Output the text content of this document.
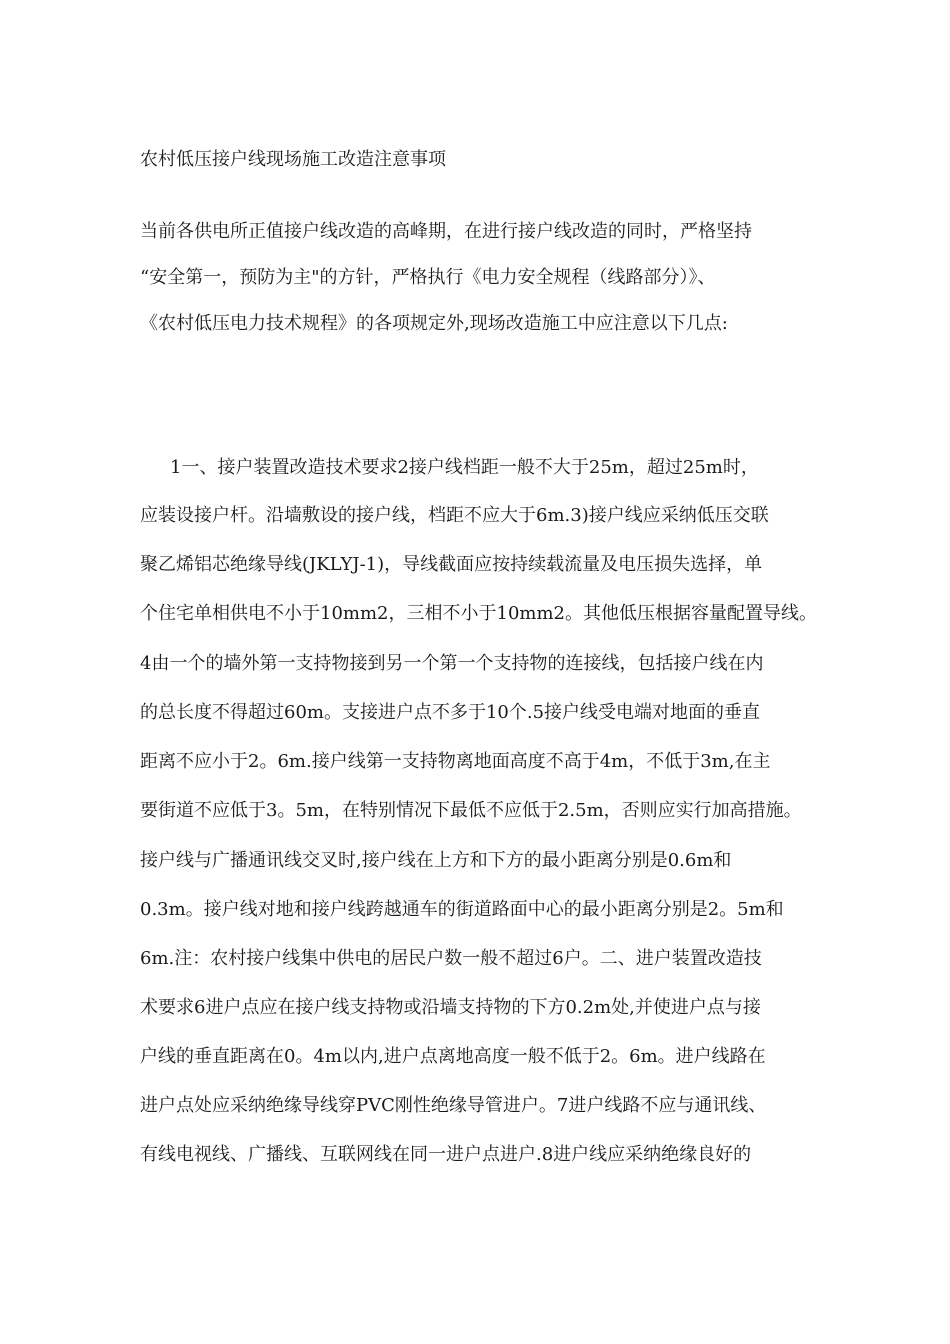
农村低压接户线现场施工改造注意事项
当前各供电所正值接户线改造的高峰期，在进行接户线改造的同时，严格坚持
“安全第一，预防为主"的方针，严格执行《电力安全规程（线路部分）》、
《农村低压电力技术规程》的各项规定外,现场改造施工中应注意以下几点:
1一、接户装置改造技术要求2接户线档距一般不大于25m，超过25m时，
应装设接户杆。沿墙敷设的接户线，档距不应大于6m.3)接户线应采纳低压交联
聚乙烯铝芯绝缘导线(JKLYJ-1)，导线截面应按持续载流量及电压损失选择，单
个住宅单相供电不小于10mm2，三相不小于10mm2。其他低压根据容量配置导线。
4由一个的墙外第一支持物接到另一个第一个支持物的连接线，包括接户线在内
的总长度不得超过60m。支接进户点不多于10个.5接户线受电端对地面的垂直
距离不应小于2。6m.接户线第一支持物离地面高度不高于4m，不低于3m,在主
要街道不应低于3。5m，在特别情况下最低不应低于2.5m，否则应实行加高措施。
接户线与广播通讯线交叉时,接户线在上方和下方的最小距离分别是0.6m和
0.3m。接户线对地和接户线跨越通车的街道路面中心的最小距离分别是2。5m和
6m.注：农村接户线集中供电的居民户数一般不超过6户。二、进户装置改造技
术要求6进户点应在接户线支持物或沿墙支持物的下方0.2m处,并使进户点与接
户线的垂直距离在0。4m以内,进户点离地高度一般不低于2。6m。进户线路在
进户点处应采纳绝缘导线穿PVC刚性绝缘导管进户。7进户线路不应与通讯线、
有线电视线、广播线、互联网线在同一进户点进户.8进户线应采纳绝缘良好的
